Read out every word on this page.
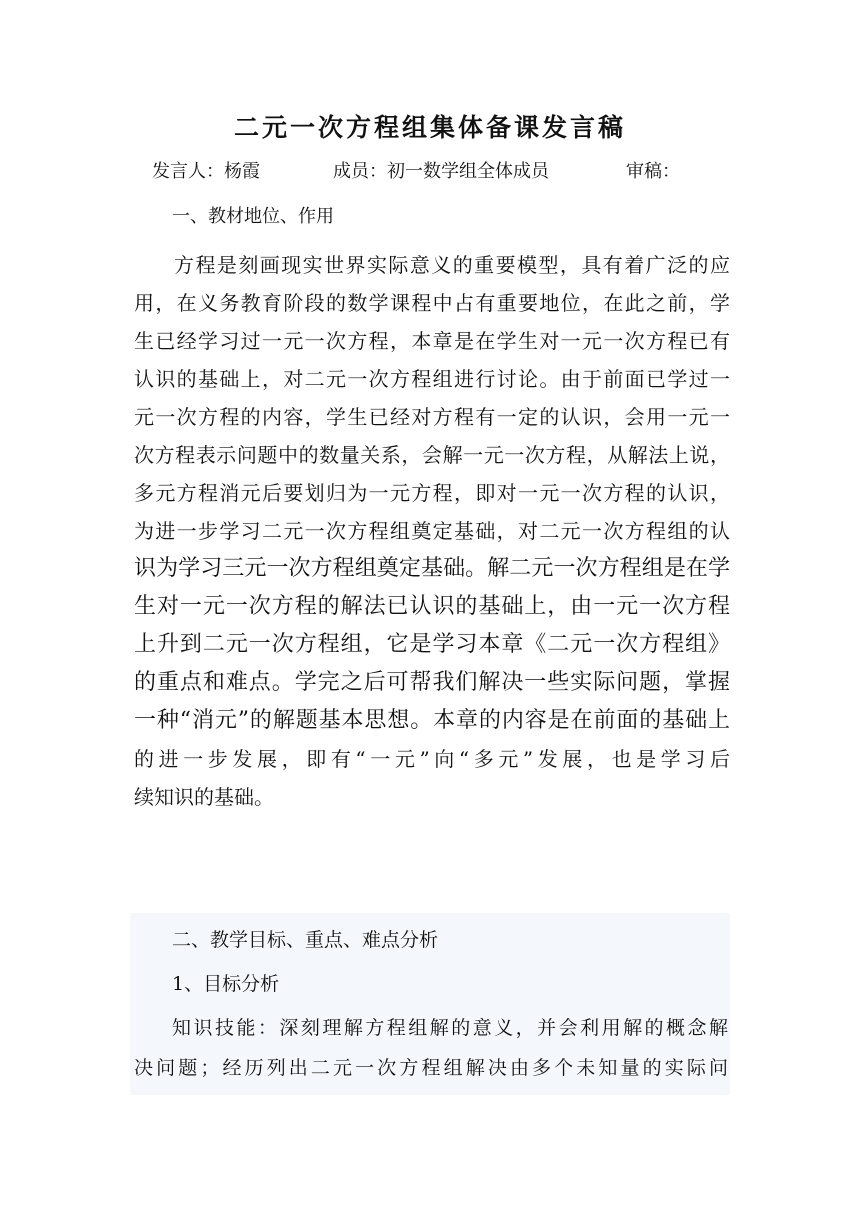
二元一次方程组集体备课发言稿
发言人：杨霞	成员：初一数学组全体成员	审稿：
一、教材地位、作用
方程是刻画现实世界实际意义的重要模型，具有着广泛的应
用，在义务教育阶段的数学课程中占有重要地位，在此之前，学
生已经学习过一元一次方程，本章是在学生对一元一次方程已有
认识的基础上，对二元一次方程组进行讨论。由于前面已学过一
元一次方程的内容，学生已经对方程有一定的认识，会用一元一
次方程表示问题中的数量关系，会解一元一次方程，从解法上说，
多元方程消元后要划归为一元方程，即对一元一次方程的认识，
为进一步学习二元一次方程组奠定基础，对二元一次方程组的认
识为学习三元一次方程组奠定基础。解二元一次方程组是在学
生对一元一次方程的解法已认识的基础上，由一元一次方程
上升到二元一次方程组，它是学习本章《二元一次方程组》
的重点和难点。学完之后可帮我们解决一些实际问题，掌握
一种“消元”的解题基本思想。本章的内容是在前面的基础上
的进一步发展，即有“一元”向“多元”发展，也是学习后
续知识的基础。
二、教学目标、重点、难点分析
1、目标分析
知识技能：深刻理解方程组解的意义，并会利用解的概念解
决问题；经历列出二元一次方程组解决由多个未知量的实际问
